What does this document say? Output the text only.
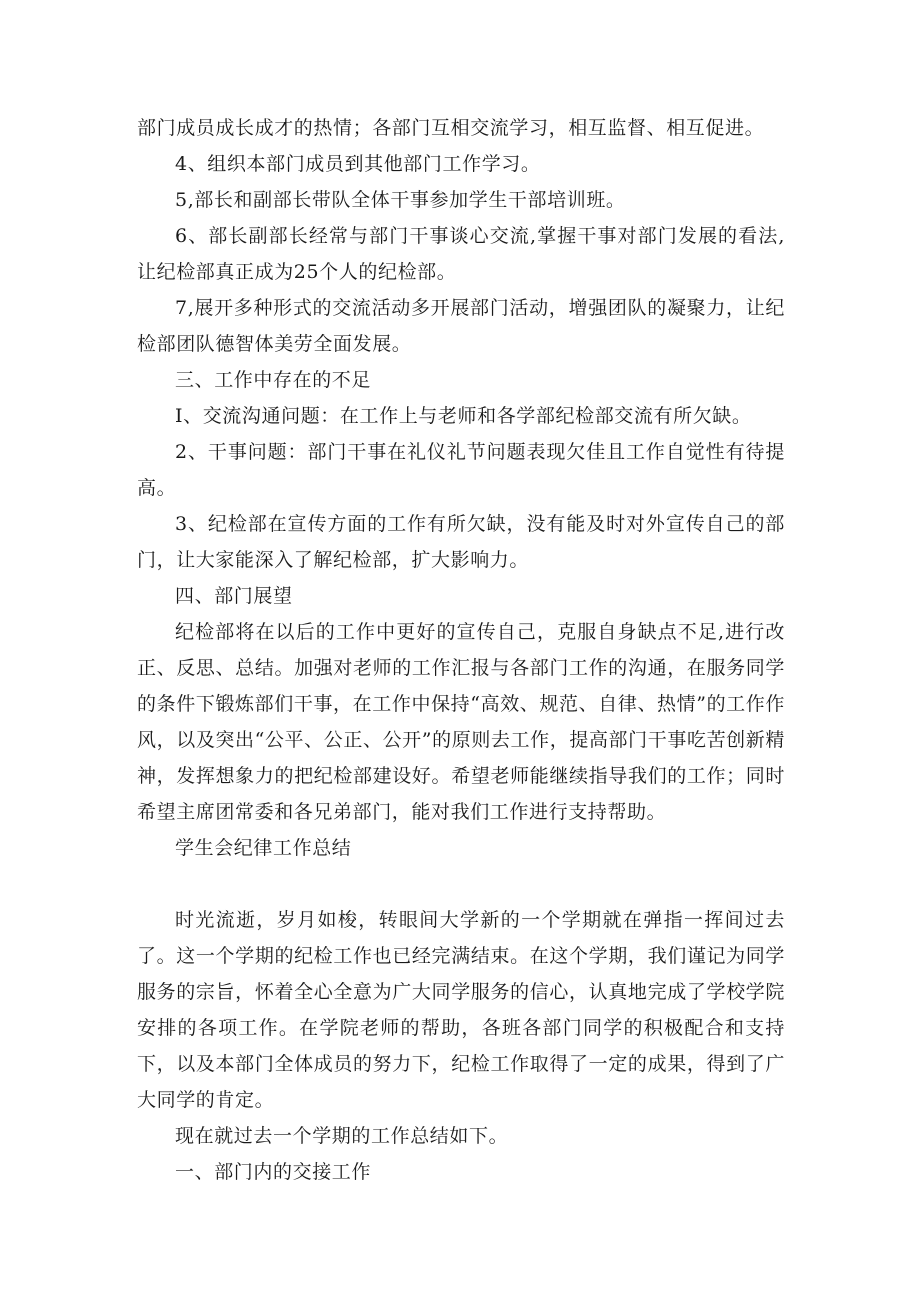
部门成员成长成才的热情；各部门互相交流学习，相互监督、相互促进。

4、组织本部门成员到其他部门工作学习。

5,部长和副部长带队全体干事参加学生干部培训班。

6、部长副部长经常与部门干事谈心交流,掌握干事对部门发展的看法,让纪检部真正成为25个人的纪检部。

7,展开多种形式的交流活动多开展部门活动，增强团队的凝聚力，让纪检部团队德智体美劳全面发展。

三、工作中存在的不足

I、交流沟通问题：在工作上与老师和各学部纪检部交流有所欠缺。

2、干事问题：部门干事在礼仪礼节问题表现欠佳且工作自觉性有待提高。

3、纪检部在宣传方面的工作有所欠缺，没有能及时对外宣传自己的部门，让大家能深入了解纪检部，扩大影响力。

四、部门展望

纪检部将在以后的工作中更好的宣传自己，克服自身缺点不足,进行改正、反思、总结。加强对老师的工作汇报与各部门工作的沟通，在服务同学的条件下锻炼部们干事，在工作中保持“高效、规范、自律、热情”的工作作风，以及突出“公平、公正、公开”的原则去工作，提高部门干事吃苦创新精神，发挥想象力的把纪检部建设好。希望老师能继续指导我们的工作；同时希望主席团常委和各兄弟部门，能对我们工作进行支持帮助。

学生会纪律工作总结

时光流逝，岁月如梭，转眼间大学新的一个学期就在弹指一挥间过去了。这一个学期的纪检工作也已经完满结束。在这个学期，我们谨记为同学服务的宗旨，怀着全心全意为广大同学服务的信心，认真地完成了学校学院安排的各项工作。在学院老师的帮助，各班各部门同学的积极配合和支持下，以及本部门全体成员的努力下，纪检工作取得了一定的成果，得到了广大同学的肯定。

现在就过去一个学期的工作总结如下。

一、部门内的交接工作
